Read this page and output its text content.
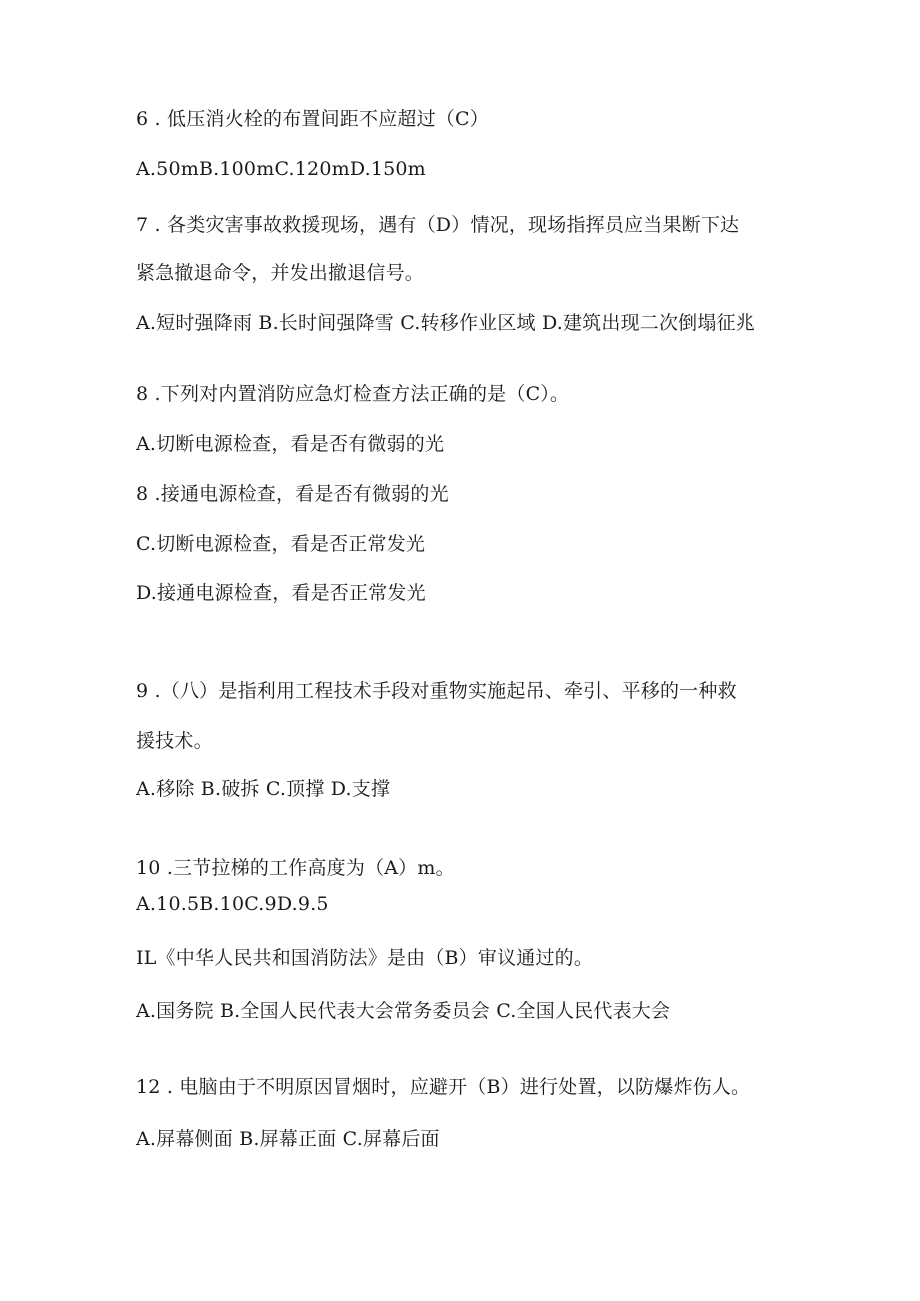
6 . 低压消火栓的布置间距不应超过（C）
A.50mB.100mC.120mD.150m
7 . 各类灾害事故救援现场，遇有（D）情况，现场指挥员应当果断下达
紧急撤退命令，并发出撤退信号。
A.短时强降雨 B.长时间强降雪 C.转移作业区域 D.建筑出现二次倒塌征兆
8 .下列对内置消防应急灯检查方法正确的是（C）。
A.切断电源检查，看是否有微弱的光
8 .接通电源检查，看是否有微弱的光
C.切断电源检查，看是否正常发光
D.接通电源检查，看是否正常发光
9 .（八）是指利用工程技术手段对重物实施起吊、牵引、平移的一种救
援技术。
A.移除 B.破拆 C.顶撑 D.支撑
10 .三节拉梯的工作高度为（A）m。
A.10.5B.10C.9D.9.5
IL《中华人民共和国消防法》是由（B）审议通过的。
A.国务院 B.全国人民代表大会常务委员会 C.全国人民代表大会
12 . 电脑由于不明原因冒烟时，应避开（B）进行处置，以防爆炸伤人。
A.屏幕侧面 B.屏幕正面 C.屏幕后面
